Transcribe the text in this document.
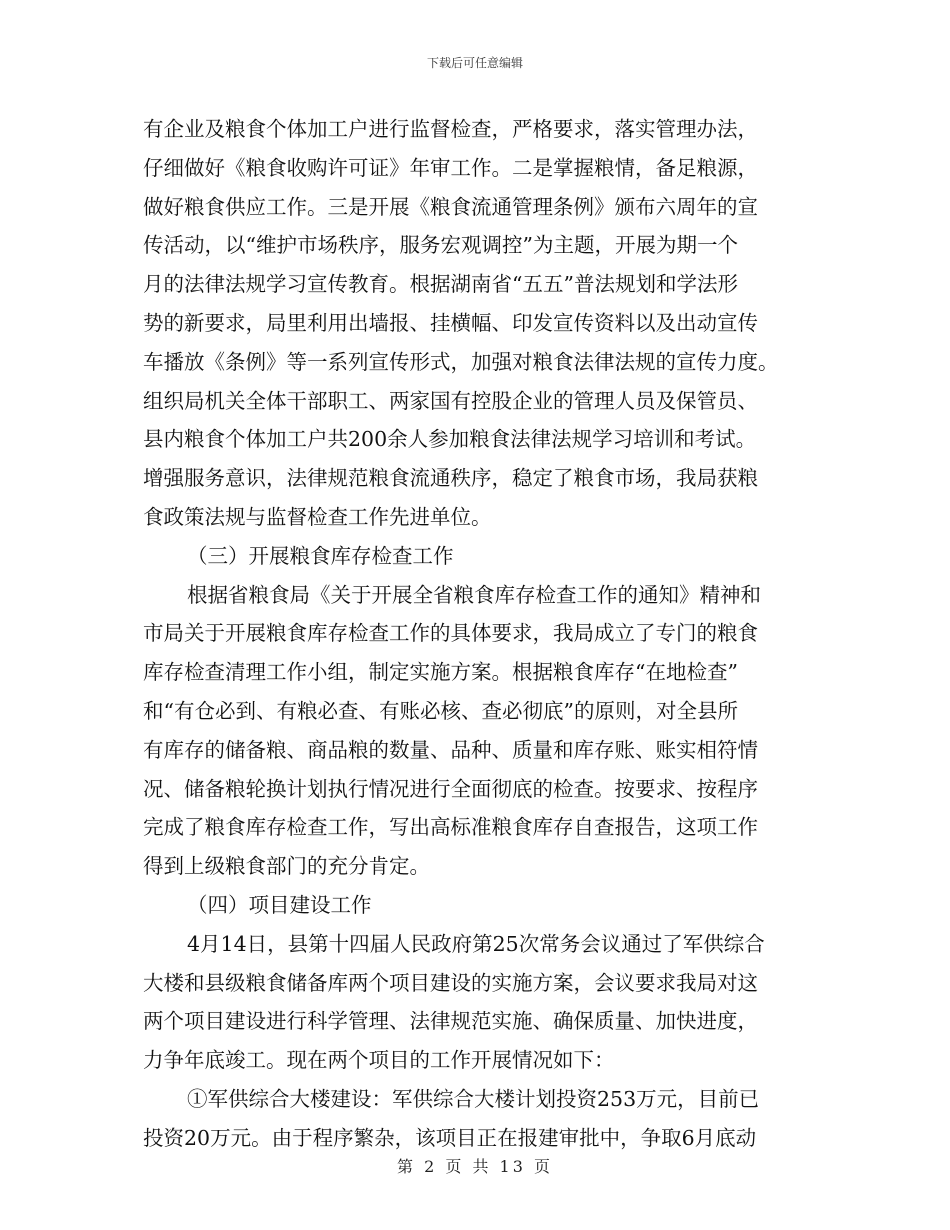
下载后可任意编辑
有企业及粮食个体加工户进行监督检查，严格要求，落实管理办法，
仔细做好《粮食收购许可证》年审工作。二是掌握粮情，备足粮源，
做好粮食供应工作。三是开展《粮食流通管理条例》颁布六周年的宣
传活动，以“维护市场秩序，服务宏观调控”为主题，开展为期一个
月的法律法规学习宣传教育。根据湖南省“五五”普法规划和学法形
势的新要求，局里利用出墙报、挂横幅、印发宣传资料以及出动宣传
车播放《条例》等一系列宣传形式，加强对粮食法律法规的宣传力度。
组织局机关全体干部职工、两家国有控股企业的管理人员及保管员、
县内粮食个体加工户共200余人参加粮食法律法规学习培训和考试。
增强服务意识，法律规范粮食流通秩序，稳定了粮食市场，我局获粮
食政策法规与监督检查工作先进单位。
（三）开展粮食库存检查工作
根据省粮食局《关于开展全省粮食库存检查工作的通知》精神和
市局关于开展粮食库存检查工作的具体要求，我局成立了专门的粮食
库存检查清理工作小组，制定实施方案。根据粮食库存“在地检查”
和“有仓必到、有粮必查、有账必核、查必彻底”的原则，对全县所
有库存的储备粮、商品粮的数量、品种、质量和库存账、账实相符情
况、储备粮轮换计划执行情况进行全面彻底的检查。按要求、按程序
完成了粮食库存检查工作，写出高标准粮食库存自查报告，这项工作
得到上级粮食部门的充分肯定。
（四）项目建设工作
4月14日，县第十四届人民政府第25次常务会议通过了军供综合
大楼和县级粮食储备库两个项目建设的实施方案，会议要求我局对这
两个项目建设进行科学管理、法律规范实施、确保质量、加快进度，
力争年底竣工。现在两个项目的工作开展情况如下：
①军供综合大楼建设：军供综合大楼计划投资253万元，目前已
投资20万元。由于程序繁杂，该项目正在报建审批中，争取6月底动
第 2 页 共 13 页
